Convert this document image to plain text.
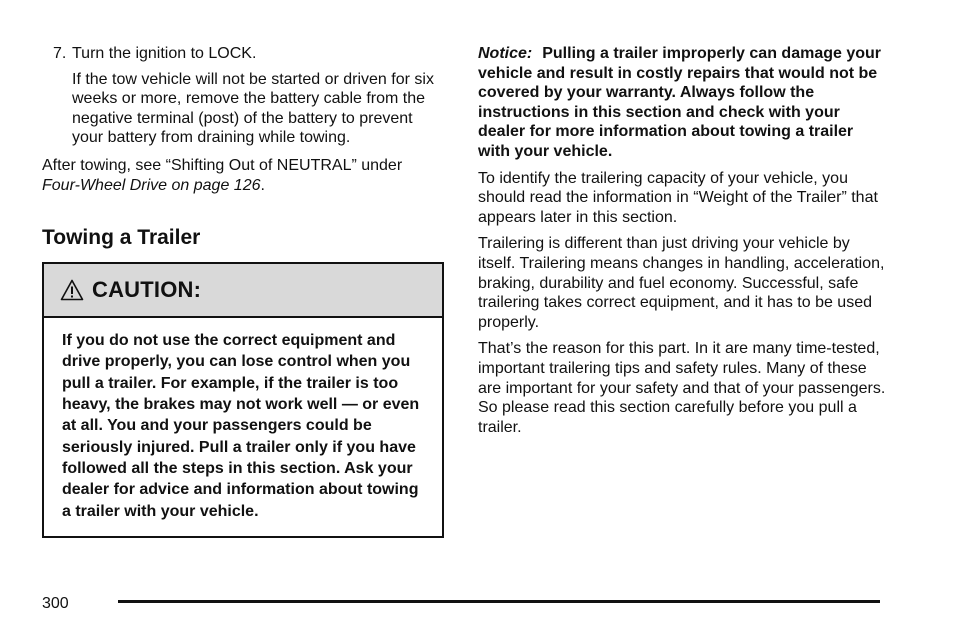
7. Turn the ignition to LOCK.

If the tow vehicle will not be started or driven for six weeks or more, remove the battery cable from the negative terminal (post) of the battery to prevent your battery from draining while towing.

After towing, see “Shifting Out of NEUTRAL” under Four-Wheel Drive on page 126.

Towing a Trailer
CAUTION:

If you do not use the correct equipment and drive properly, you can lose control when you pull a trailer. For example, if the trailer is too heavy, the brakes may not work well — or even at all. You and your passengers could be seriously injured. Pull a trailer only if you have followed all the steps in this section. Ask your dealer for advice and information about towing a trailer with your vehicle.

Notice: Pulling a trailer improperly can damage your vehicle and result in costly repairs that would not be covered by your warranty. Always follow the instructions in this section and check with your dealer for more information about towing a trailer with your vehicle.

To identify the trailering capacity of your vehicle, you should read the information in “Weight of the Trailer” that appears later in this section.

Trailering is different than just driving your vehicle by itself. Trailering means changes in handling, acceleration, braking, durability and fuel economy. Successful, safe trailering takes correct equipment, and it has to be used properly.

That’s the reason for this part. In it are many time-tested, important trailering tips and safety rules. Many of these are important for your safety and that of your passengers. So please read this section carefully before you pull a trailer.

300
